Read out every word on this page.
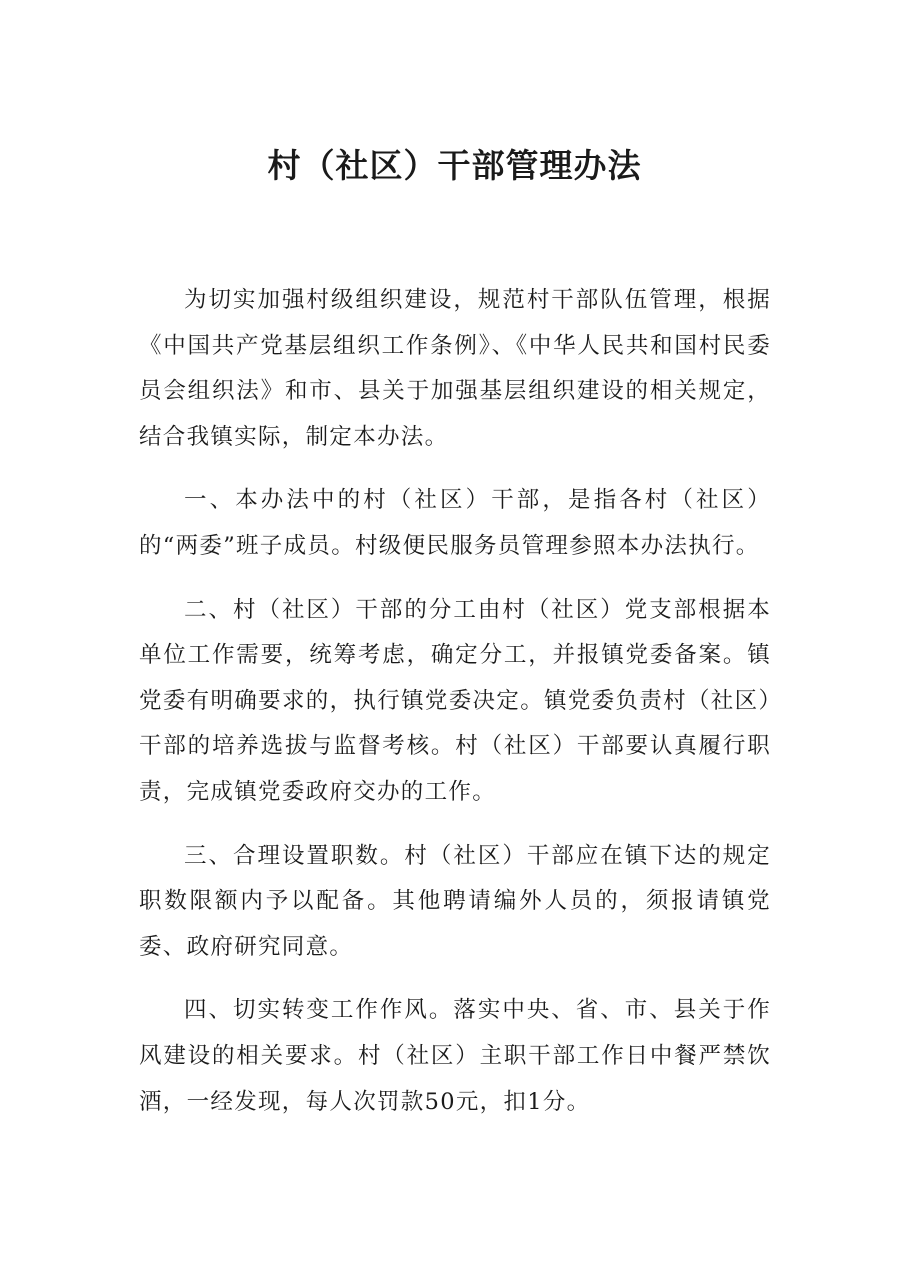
村（社区）干部管理办法

为切实加强村级组织建设，规范村干部队伍管理，根据《中国共产党基层组织工作条例》、《中华人民共和国村民委员会组织法》和市、县关于加强基层组织建设的相关规定，结合我镇实际，制定本办法。

一、本办法中的村（社区）干部，是指各村（社区）的“两委”班子成员。村级便民服务员管理参照本办法执行。

二、村（社区）干部的分工由村（社区）党支部根据本单位工作需要，统筹考虑，确定分工，并报镇党委备案。镇党委有明确要求的，执行镇党委决定。镇党委负责村（社区）干部的培养选拔与监督考核。村（社区）干部要认真履行职责，完成镇党委政府交办的工作。

三、合理设置职数。村（社区）干部应在镇下达的规定职数限额内予以配备。其他聘请编外人员的，须报请镇党委、政府研究同意。

四、切实转变工作作风。落实中央、省、市、县关于作风建设的相关要求。村（社区）主职干部工作日中餐严禁饮酒，一经发现，每人次罚款50元，扣1分。
